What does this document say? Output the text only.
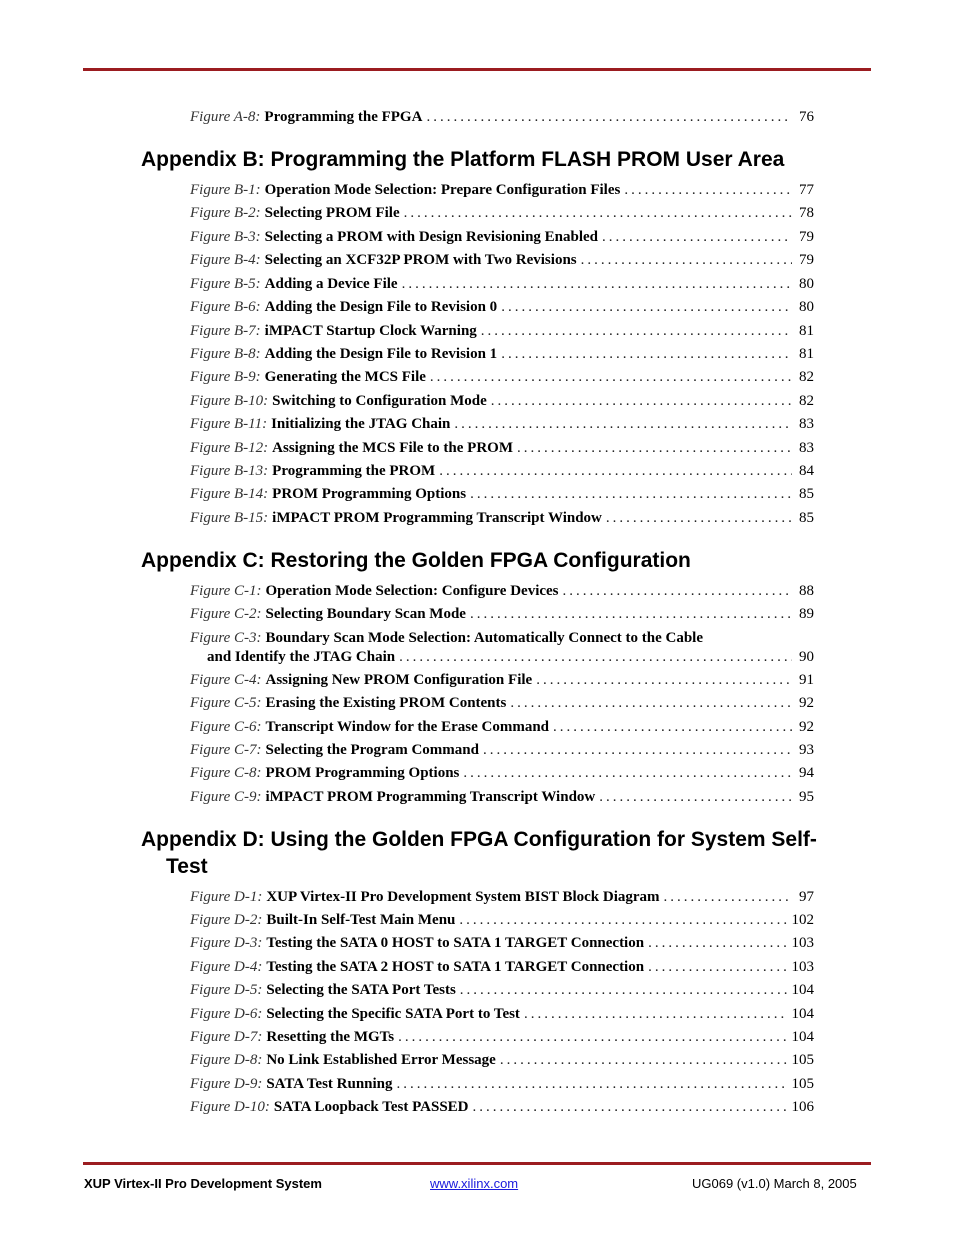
Appendix B: Programming the Platform FLASH PROM User Area
Appendix C: Restoring the Golden FPGA Configuration
Appendix D: Using the Golden FPGA Configuration for System Self-
Test
Figure A-8: Programming the FPGA .....	76
Figure B-1: Operation Mode Selection: Prepare Configuration Files .....	77
Figure B-2: Selecting PROM File .....	78
Figure B-3: Selecting a PROM with Design Revisioning Enabled .....	79
Figure B-4: Selecting an XCF32P PROM with Two Revisions .....	79
Figure B-5: Adding a Device File .....	80
Figure B-6: Adding the Design File to Revision 0 .....	80
Figure B-7: iMPACT Startup Clock Warning .....	81
Figure B-8: Adding the Design File to Revision 1 .....	81
Figure B-9: Generating the MCS File .....	82
Figure B-10: Switching to Configuration Mode .....	82
Figure B-11: Initializing the JTAG Chain .....	83
Figure B-12: Assigning the MCS File to the PROM .....	83
Figure B-13: Programming the PROM .....	84
Figure B-14: PROM Programming Options .....	85
Figure B-15: iMPACT PROM Programming Transcript Window .....	85
Figure C-1: Operation Mode Selection: Configure Devices .....	88
Figure C-2: Selecting Boundary Scan Mode .....	89
Figure C-3: Boundary Scan Mode Selection: Automatically Connect to the Cable
and Identify the JTAG Chain .....	90
Figure C-4: Assigning New PROM Configuration File .....	91
Figure C-5: Erasing the Existing PROM Contents .....	92
Figure C-6: Transcript Window for the Erase Command .....	92
Figure C-7: Selecting the Program Command .....	93
Figure C-8: PROM Programming Options .....	94
Figure C-9: iMPACT PROM Programming Transcript Window .....	95
Figure D-1: XUP Virtex-II Pro Development System BIST Block Diagram .....	97
Figure D-2: Built-In Self-Test Main Menu .....	102
Figure D-3: Testing the SATA 0 HOST to SATA 1 TARGET Connection .....	103
Figure D-4: Testing the SATA 2 HOST to SATA 1 TARGET Connection .....	103
Figure D-5: Selecting the SATA Port Tests .....	104
Figure D-6: Selecting the Specific SATA Port to Test .....	104
Figure D-7: Resetting the MGTs .....	104
Figure D-8: No Link Established Error Message .....	105
Figure D-9: SATA Test Running .....	105
Figure D-10: SATA Loopback Test PASSED .....	106
XUP Virtex-II Pro Development System	www.xilinx.com	UG069 (v1.0) March 8, 2005
